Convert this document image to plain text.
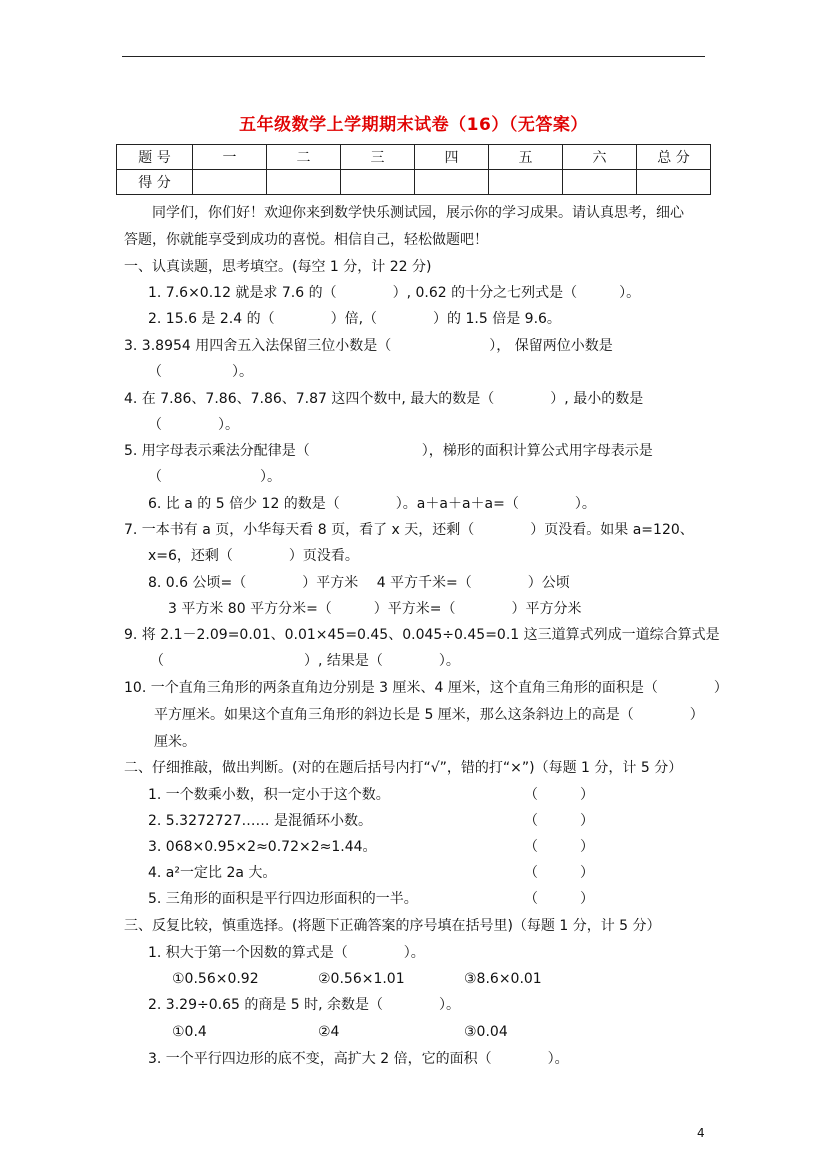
五年级数学上学期期末试卷（16）（无答案）
题 号	一	二	三	四	五	六	总 分
得 分							
同学们，你们好！欢迎你来到数学快乐测试园，展示你的学习成果。请认真思考，细心
答题，你就能享受到成功的喜悦。相信自己，轻松做题吧！
一、认真读题，思考填空。(每空 1 分，计 22 分)
1. 7.6×0.12 就是求 7.6 的（　　　　）, 0.62 的十分之七列式是（　　　）。
2. 15.6 是 2.4 的（　　　　）倍,（　　　　）的 1.5 倍是 9.6。
3. 3.8954 用四舍五入法保留三位小数是（　　　　　　　）， 保留两位小数是
（　　　　　）。
4. 在 7.86、7.86、7.86、7.87 这四个数中, 最大的数是（　　　　）, 最小的数是
（　　　　）。
5. 用字母表示乘法分配律是（　　　　　　　　），梯形的面积计算公式用字母表示是
（　　　　　　　）。
6. 比 a 的 5 倍少 12 的数是（　　　　）。a＋a＋a＋a=（　　　　）。
7. 一本书有 a 页，小华每天看 8 页，看了 x 天，还剩（　　　　）页没看。如果 a=120、
x=6，还剩（　　　　）页没看。
8. 0.6 公顷=（　　　　）平方米　 4 平方千米=（　　　　）公顷
3 平方米 80 平方分米=（　　　）平方米=（　　　　）平方分米
9. 将 2.1－2.09=0.01、0.01×45=0.45、0.045÷0.45=0.1 这三道算式列成一道综合算式是
（　　　　　　　　　　）, 结果是（　　　　）。
10. 一个直角三角形的两条直角边分别是 3 厘米、4 厘米，这个直角三角形的面积是（　　　　）
平方厘米。如果这个直角三角形的斜边长是 5 厘米，那么这条斜边上的高是（　　　　）
厘米。
二、仔细推敲，做出判断。(对的在题后括号内打“√”，错的打“×”)（每题 1 分，计 5 分）
1. 一个数乘小数，积一定小于这个数。	（　　　）
2. 5.3272727…… 是混循环小数。	（　　　）
3. 068×0.95×2≈0.72×2≈1.44。	（　　　）
4. a²一定比 2a 大。	（　　　）
5. 三角形的面积是平行四边形面积的一半。	（　　　）
三、反复比较，慎重选择。(将题下正确答案的序号填在括号里)（每题 1 分，计 5 分）
1. 积大于第一个因数的算式是（　　　　）。
①0.56×0.92	②0.56×1.01	③8.6×0.01
2. 3.29÷0.65 的商是 5 时, 余数是（　　　　）。
①0.4	②4	③0.04
3. 一个平行四边形的底不变，高扩大 2 倍，它的面积（　　　　）。
4
